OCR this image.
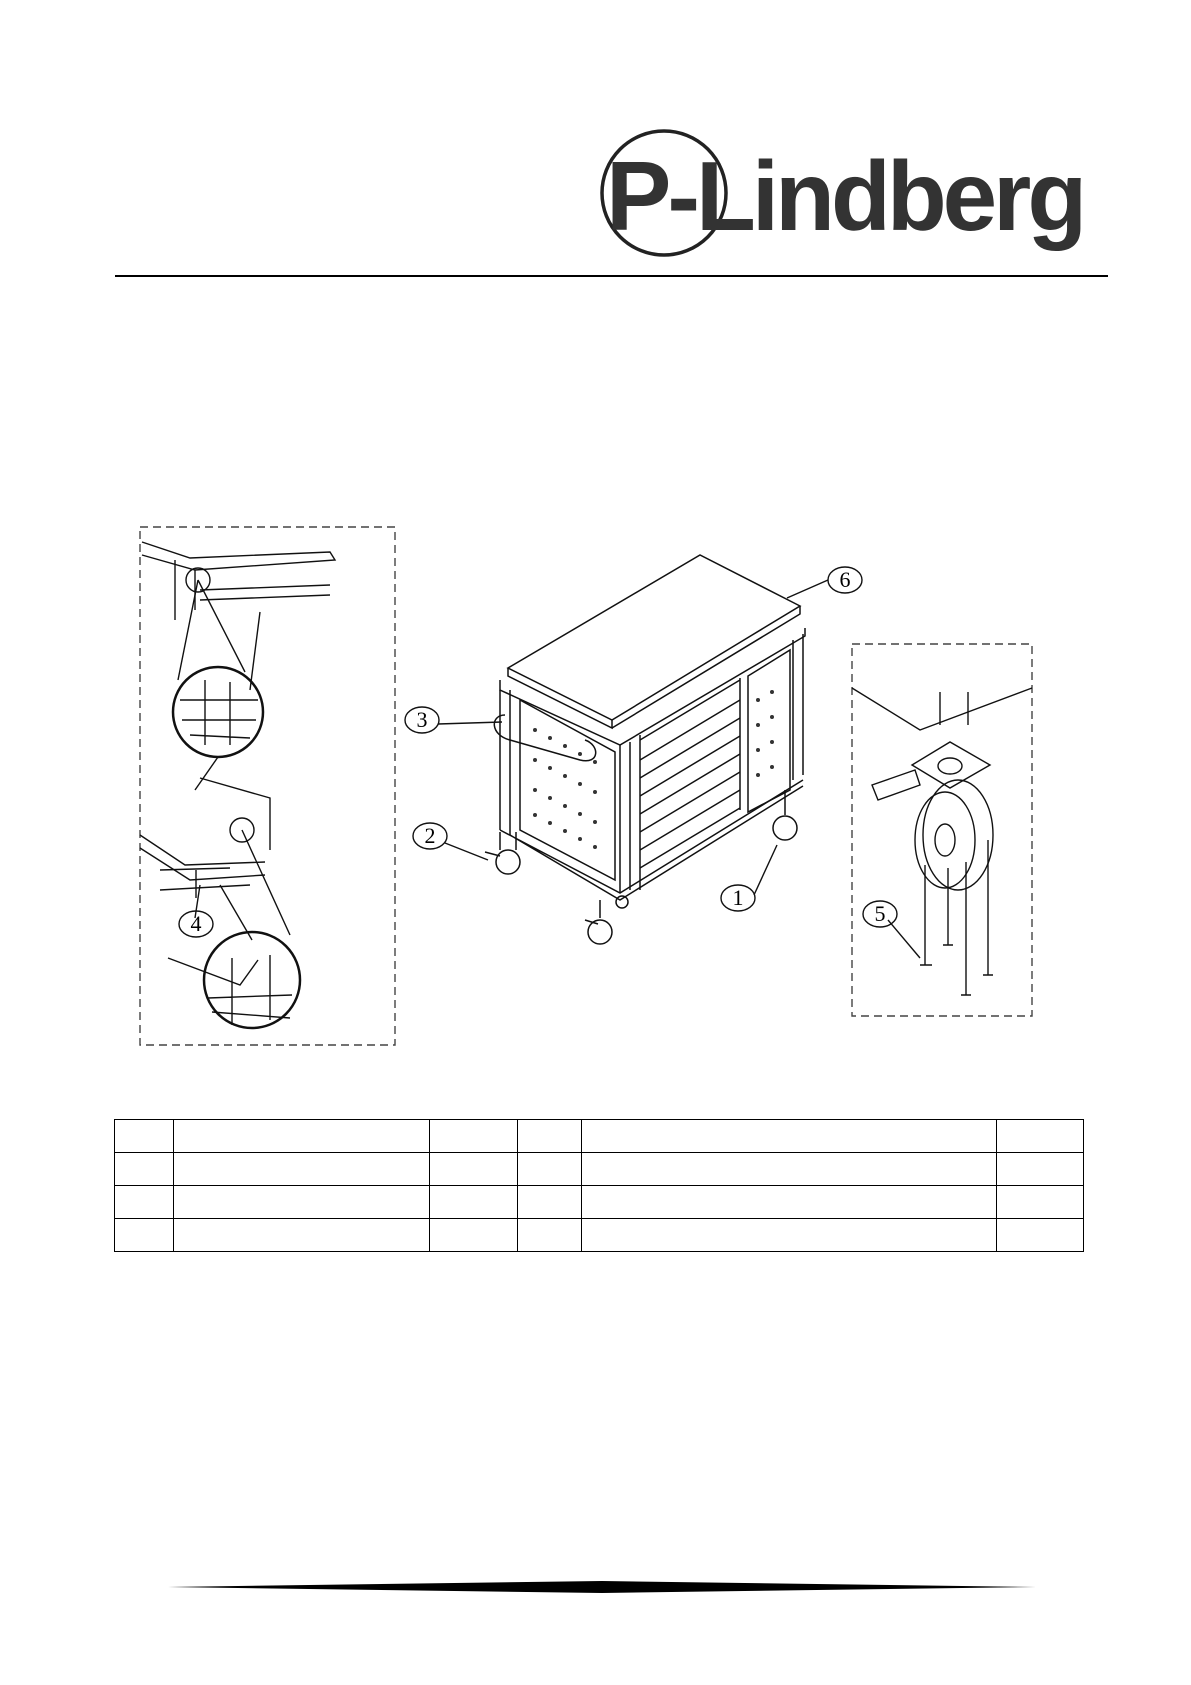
P-Lindberg
1
2
3
4	5
6
